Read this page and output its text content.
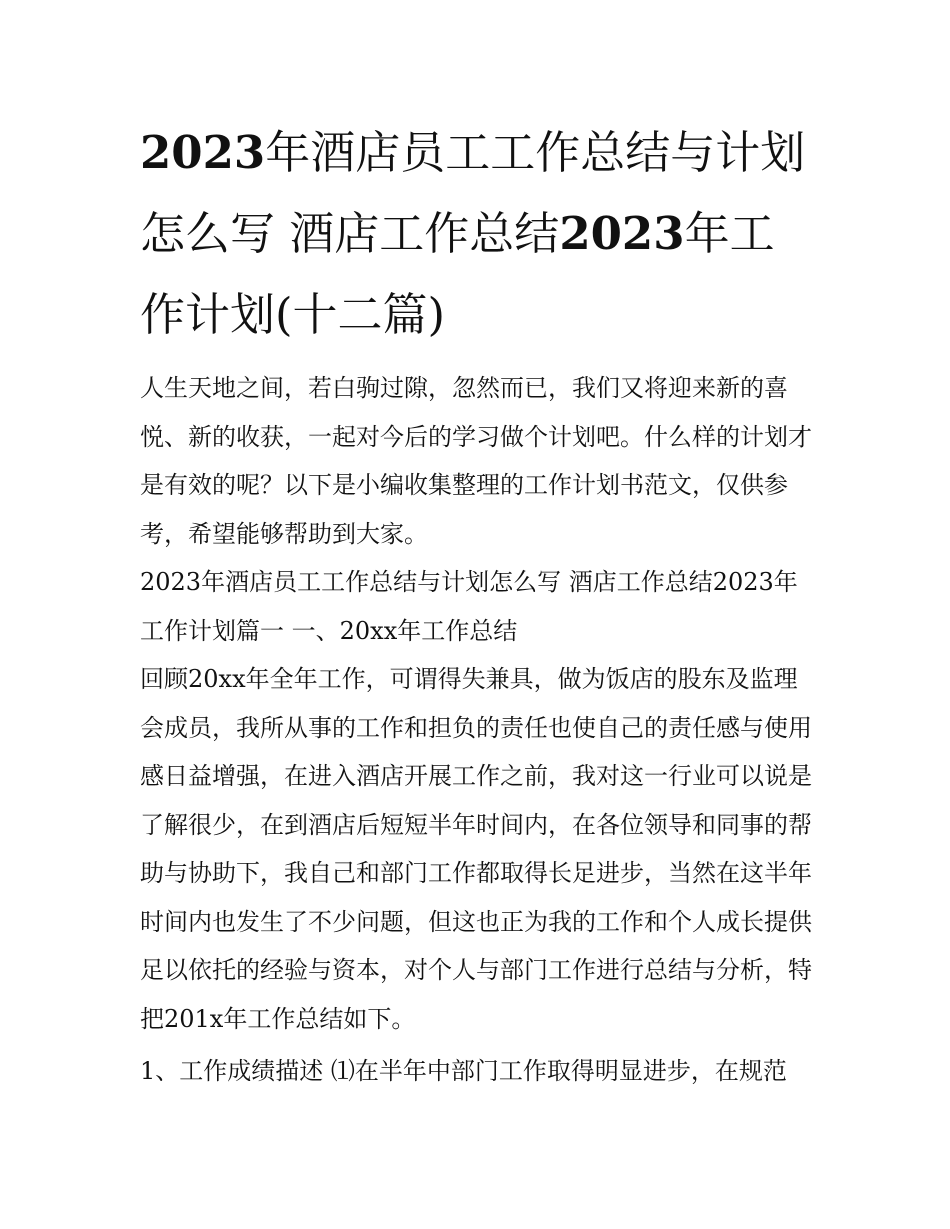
2023年酒店员工工作总结与计划怎么写 酒店工作总结2023年工作计划(十二篇)

人生天地之间，若白驹过隙，忽然而已，我们又将迎来新的喜悦、新的收获，一起对今后的学习做个计划吧。什么样的计划才是有效的呢？以下是小编收集整理的工作计划书范文，仅供参考，希望能够帮助到大家。

2023年酒店员工工作总结与计划怎么写 酒店工作总结2023年工作计划篇一 一、20xx年工作总结

回顾20xx年全年工作，可谓得失兼具，做为饭店的股东及监理会成员，我所从事的工作和担负的责任也使自己的责任感与使用感日益增强，在进入酒店开展工作之前，我对这一行业可以说是了解很少，在到酒店后短短半年时间内，在各位领导和同事的帮助与协助下，我自己和部门工作都取得长足进步，当然在这半年时间内也发生了不少问题，但这也正为我的工作和个人成长提供足以依托的经验与资本，对个人与部门工作进行总结与分析，特把201x年工作总结如下。

1、工作成绩描述 ⑴在半年中部门工作取得明显进步，在规范
